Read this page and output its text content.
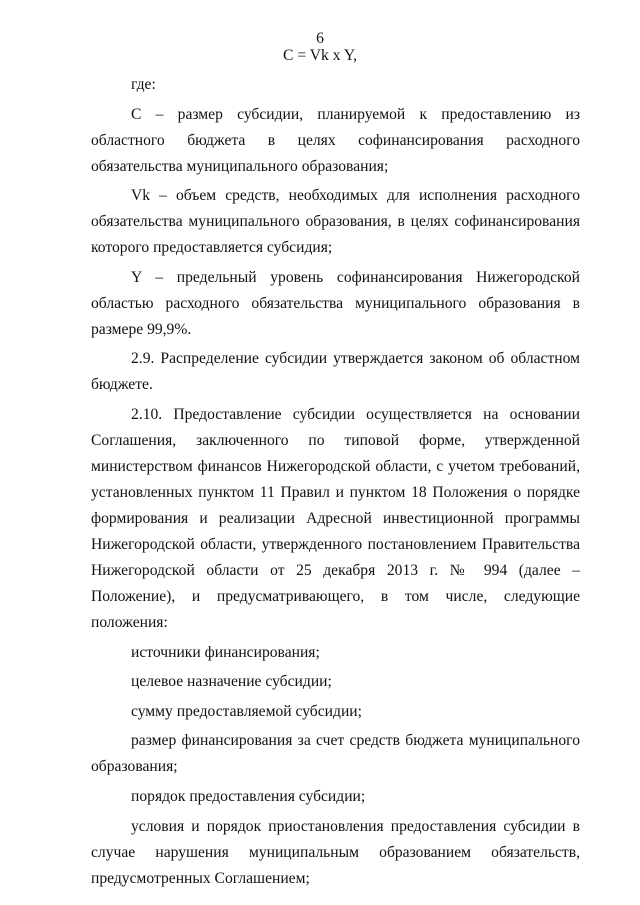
6
C = Vk x Y,

где:

C – размер субсидии, планируемой к предоставлению из областного бюджета в целях софинансирования расходного обязательства муниципального образования;

Vk – объем средств, необходимых для исполнения расходного обязательства муниципального образования, в целях софинансирования которого предоставляется субсидия;

Y – предельный уровень софинансирования Нижегородской областью расходного обязательства муниципального образования в размере 99,9%.

2.9. Распределение субсидии утверждается законом об областном бюджете.

2.10. Предоставление субсидии осуществляется на основании Соглашения, заключенного по типовой форме, утвержденной министерством финансов Нижегородской области, с учетом требований, установленных пунктом 11 Правил и пунктом 18 Положения о порядке формирования и реализации Адресной инвестиционной программы Нижегородской области, утвержденного постановлением Правительства Нижегородской области от 25 декабря 2013 г. № 994 (далее – Положение), и предусматривающего, в том числе, следующие положения:

источники финансирования;

целевое назначение субсидии;

сумму предоставляемой субсидии;

размер финансирования за счет средств бюджета муниципального образования;

порядок предоставления субсидии;

условия и порядок приостановления предоставления субсидии в случае нарушения муниципальным образованием обязательств, предусмотренных Соглашением;
